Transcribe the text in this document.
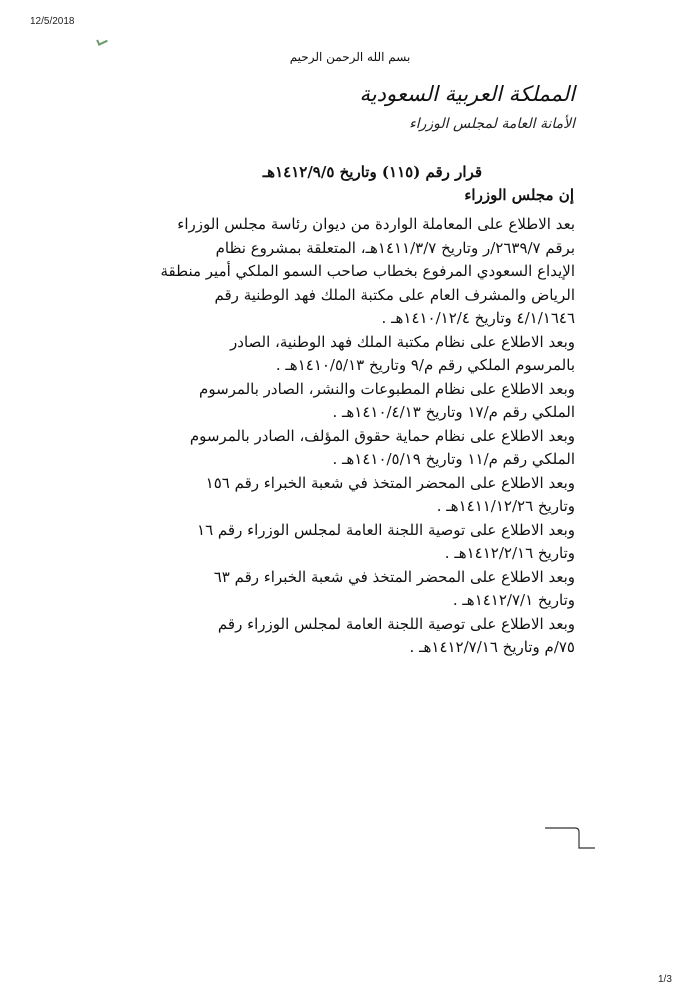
12/5/2018
بسم الله الرحمن الرحيم
المملكة العربية السعودية
الأمانة العامة لمجلس الوزراء
قرار رقم (١١٥) وتاريخ ١٤١٢/٩/٥هـ
إن مجلس الوزراء
بعد الاطلاع على المعاملة الواردة من ديوان رئاسة مجلس الوزراء
برقم ٢٦٣٩/٧/ر وتاريخ ١٤١١/٣/٧هـ، المتعلقة بمشروع نظام
الإيداع السعودي المرفوع بخطاب صاحب السمو الملكي أمير منطقة
الرياض والمشرف العام على مكتبة الملك فهد الوطنية رقم
٤/١/١٦٤٦ وتاريخ ١٤١٠/١٢/٤هـ .
وبعد الاطلاع على نظام مكتبة الملك فهد الوطنية، الصادر
بالمرسوم الملكي رقم م/٩ وتاريخ ١٤١٠/٥/١٣هـ .
وبعد الاطلاع على نظام المطبوعات والنشر، الصادر بالمرسوم
الملكي رقم م/١٧ وتاريخ ١٤١٠/٤/١٣هـ .
وبعد الاطلاع على نظام حماية حقوق المؤلف، الصادر بالمرسوم
الملكي رقم م/١١ وتاريخ ١٤١٠/٥/١٩هـ .
وبعد الاطلاع على المحضر المتخذ في شعبة الخبراء رقم ١٥٦
وتاريخ ١٤١١/١٢/٢٦هـ .
وبعد الاطلاع على توصية اللجنة العامة لمجلس الوزراء رقم ١٦
وتاريخ ١٤١٢/٢/١٦هـ .
وبعد الاطلاع على المحضر المتخذ في شعبة الخبراء رقم ٦٣
وتاريخ ١٤١٢/٧/١هـ .
وبعد الاطلاع على توصية اللجنة العامة لمجلس الوزراء رقم
٧٥/م وتاريخ ١٤١٢/٧/١٦هـ .
1/3
